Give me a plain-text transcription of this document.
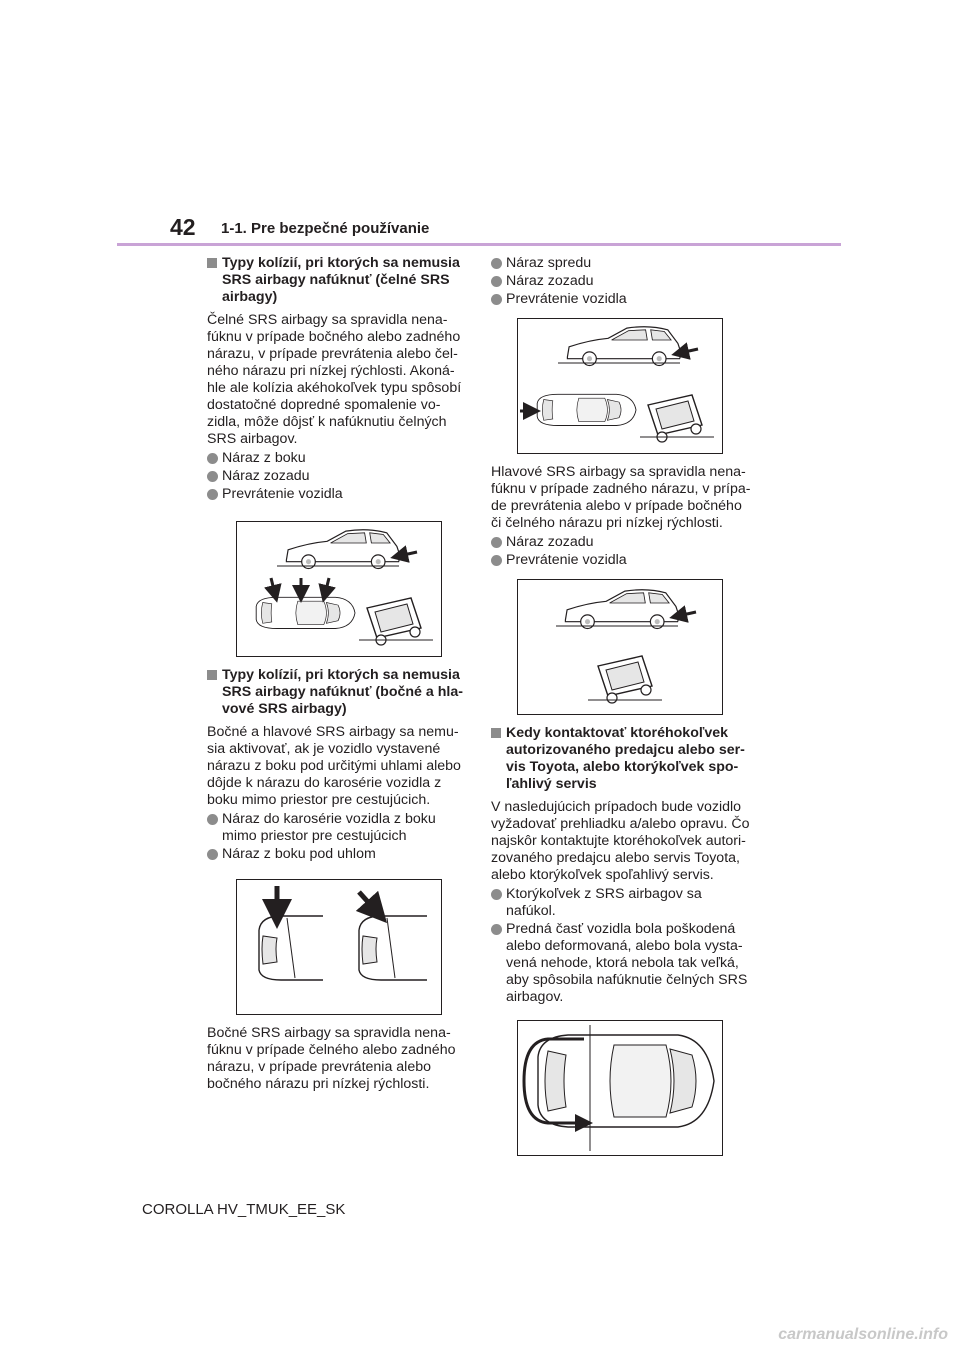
42 1-1. Pre bezpečné používanie
Typy kolízií, pri ktorých sa nemusia SRS airbagy nafúknuť (čelné SRS airbagy)
Čelné SRS airbagy sa spravidla nena-fúknu v prípade bočného alebo zadného nárazu, v prípade prevrátenia alebo čel-ného nárazu pri nízkej rýchlosti. Akoná-hle ale kolízia akéhokoľvek typu spôsobí dostatočné dopredné spomalenie vo-zidla, môže dôjsť k nafúknutiu čelných SRS airbagov.
Náraz z boku
Náraz zozadu
Prevrátenie vozidla
Typy kolízií, pri ktorých sa nemusia SRS airbagy nafúknuť (bočné a hla-vové SRS airbagy)
Bočné a hlavové SRS airbagy sa nemu-sia aktivovať, ak je vozidlo vystavené nárazu z boku pod určitými uhlami alebo dôjde k nárazu do karosérie vozidla z boku mimo priestor pre cestujúcich.
Náraz do karosérie vozidla z boku mimo priestor pre cestujúcich
Náraz z boku pod uhlom
Bočné SRS airbagy sa spravidla nena-fúknu v prípade čelného alebo zadného nárazu, v prípade prevrátenia alebo bočného nárazu pri nízkej rýchlosti.
Náraz spredu
Náraz zozadu
Prevrátenie vozidla
Hlavové SRS airbagy sa spravidla nena-fúknu v prípade zadného nárazu, v prípa-de prevrátenia alebo v prípade bočného či čelného nárazu pri nízkej rýchlosti.
Náraz zozadu
Prevrátenie vozidla
Kedy kontaktovať ktoréhokoľvek autorizovaného predajcu alebo ser-vis Toyota, alebo ktorýkoľvek spo-ľahlivý servis
V nasledujúcich prípadoch bude vozidlo vyžadovať prehliadku a/alebo opravu. Čo najskôr kontaktujte ktoréhokoľvek autori-zovaného predajcu alebo servis Toyota, alebo ktorýkoľvek spoľahlivý servis.
Ktorýkoľvek z SRS airbagov sa nafúkol.
Predná časť vozidla bola poškodená alebo deformovaná, alebo bola vysta-vená nehode, ktorá nebola tak veľká, aby spôsobila nafúknutie čelných SRS airbagov.
COROLLA HV_TMUK_EE_SK
carmanualsonline.info
